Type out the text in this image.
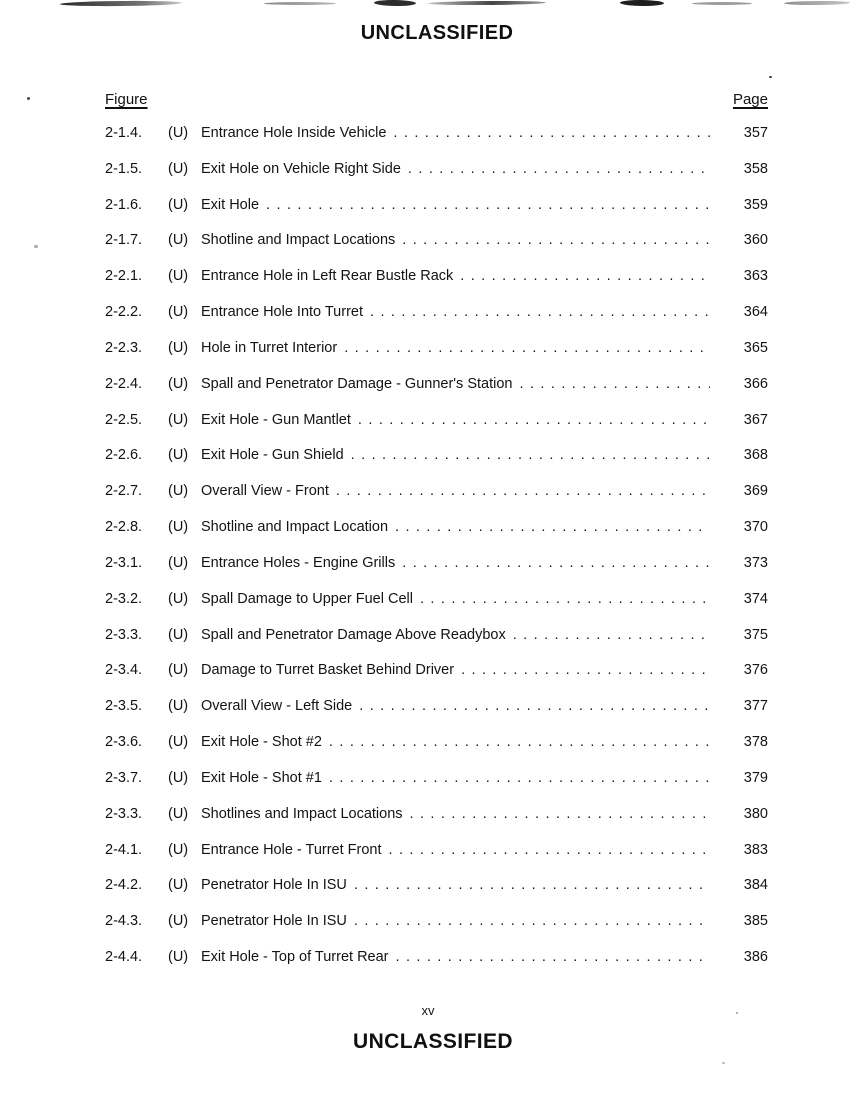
UNCLASSIFIED
Figure	Page
2-1.4.	(U) Entrance Hole Inside Vehicle . . .	357
2-1.5.	(U) Exit Hole on Vehicle Right Side . . .	358
2-1.6.	(U) Exit Hole . . .	359
2-1.7.	(U) Shotline and Impact Locations . . .	360
2-2.1.	(U) Entrance Hole in Left Rear Bustle Rack . . .	363
2-2.2.	(U) Entrance Hole Into Turret . . .	364
2-2.3.	(U) Hole in Turret Interior . . .	365
2-2.4.	(U) Spall and Penetrator Damage - Gunner's Station . . .	366
2-2.5.	(U) Exit Hole - Gun Mantlet . . .	367
2-2.6.	(U) Exit Hole - Gun Shield . . .	368
2-2.7.	(U) Overall View - Front . . .	369
2-2.8.	(U) Shotline and Impact Location . . .	370
2-3.1.	(U) Entrance Holes - Engine Grills . . .	373
2-3.2.	(U) Spall Damage to Upper Fuel Cell . . .	374
2-3.3.	(U) Spall and Penetrator Damage Above Readybox . . .	375
2-3.4.	(U) Damage to Turret Basket Behind Driver . . .	376
2-3.5.	(U) Overall View - Left Side . . .	377
2-3.6.	(U) Exit Hole - Shot #2 . . .	378
2-3.7.	(U) Exit Hole - Shot #1 . . .	379
2-3.3.	(U) Shotlines and Impact Locations . . .	380
2-4.1.	(U) Entrance Hole - Turret Front . . .	383
2-4.2.	(U) Penetrator Hole In ISU . . .	384
2-4.3.	(U) Penetrator Hole In ISU . . .	385
2-4.4.	(U) Exit Hole - Top of Turret Rear . . .	386
xv
UNCLASSIFIED
